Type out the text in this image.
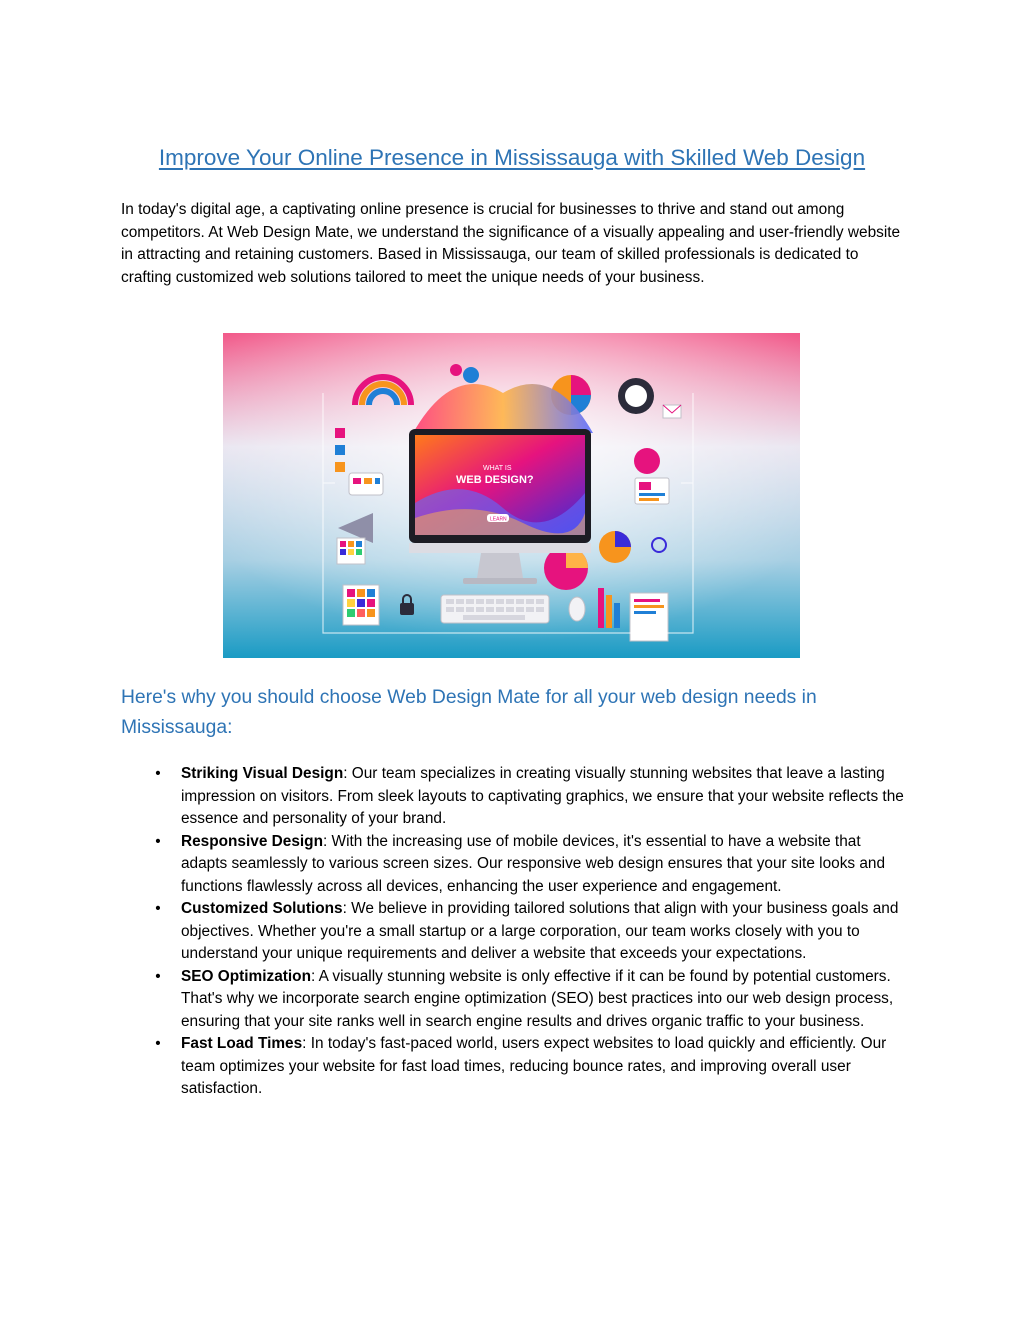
Improve Your Online Presence in Mississauga with Skilled Web Design

In today's digital age, a captivating online presence is crucial for businesses to thrive and stand out among competitors. At Web Design Mate, we understand the significance of a visually appealing and user-friendly website in attracting and retaining customers. Based in Mississauga, our team of skilled professionals is dedicated to crafting customized web solutions tailored to meet the unique needs of your business.

WHAT IS
WEB DESIGN?
LEARN
Here's why you should choose Web Design Mate for all your web design needs in Mississauga:
• Striking Visual Design: Our team specializes in creating visually stunning websites that leave a lasting impression on visitors. From sleek layouts to captivating graphics, we ensure that your website reflects the essence and personality of your brand.
• Responsive Design: With the increasing use of mobile devices, it's essential to have a website that adapts seamlessly to various screen sizes. Our responsive web design ensures that your site looks and functions flawlessly across all devices, enhancing the user experience and engagement.
• Customized Solutions: We believe in providing tailored solutions that align with your business goals and objectives. Whether you're a small startup or a large corporation, our team works closely with you to understand your unique requirements and deliver a website that exceeds your expectations.
• SEO Optimization: A visually stunning website is only effective if it can be found by potential customers. That's why we incorporate search engine optimization (SEO) best practices into our web design process, ensuring that your site ranks well in search engine results and drives organic traffic to your business.
• Fast Load Times: In today's fast-paced world, users expect websites to load quickly and efficiently. Our team optimizes your website for fast load times, reducing bounce rates, and improving overall user satisfaction.
